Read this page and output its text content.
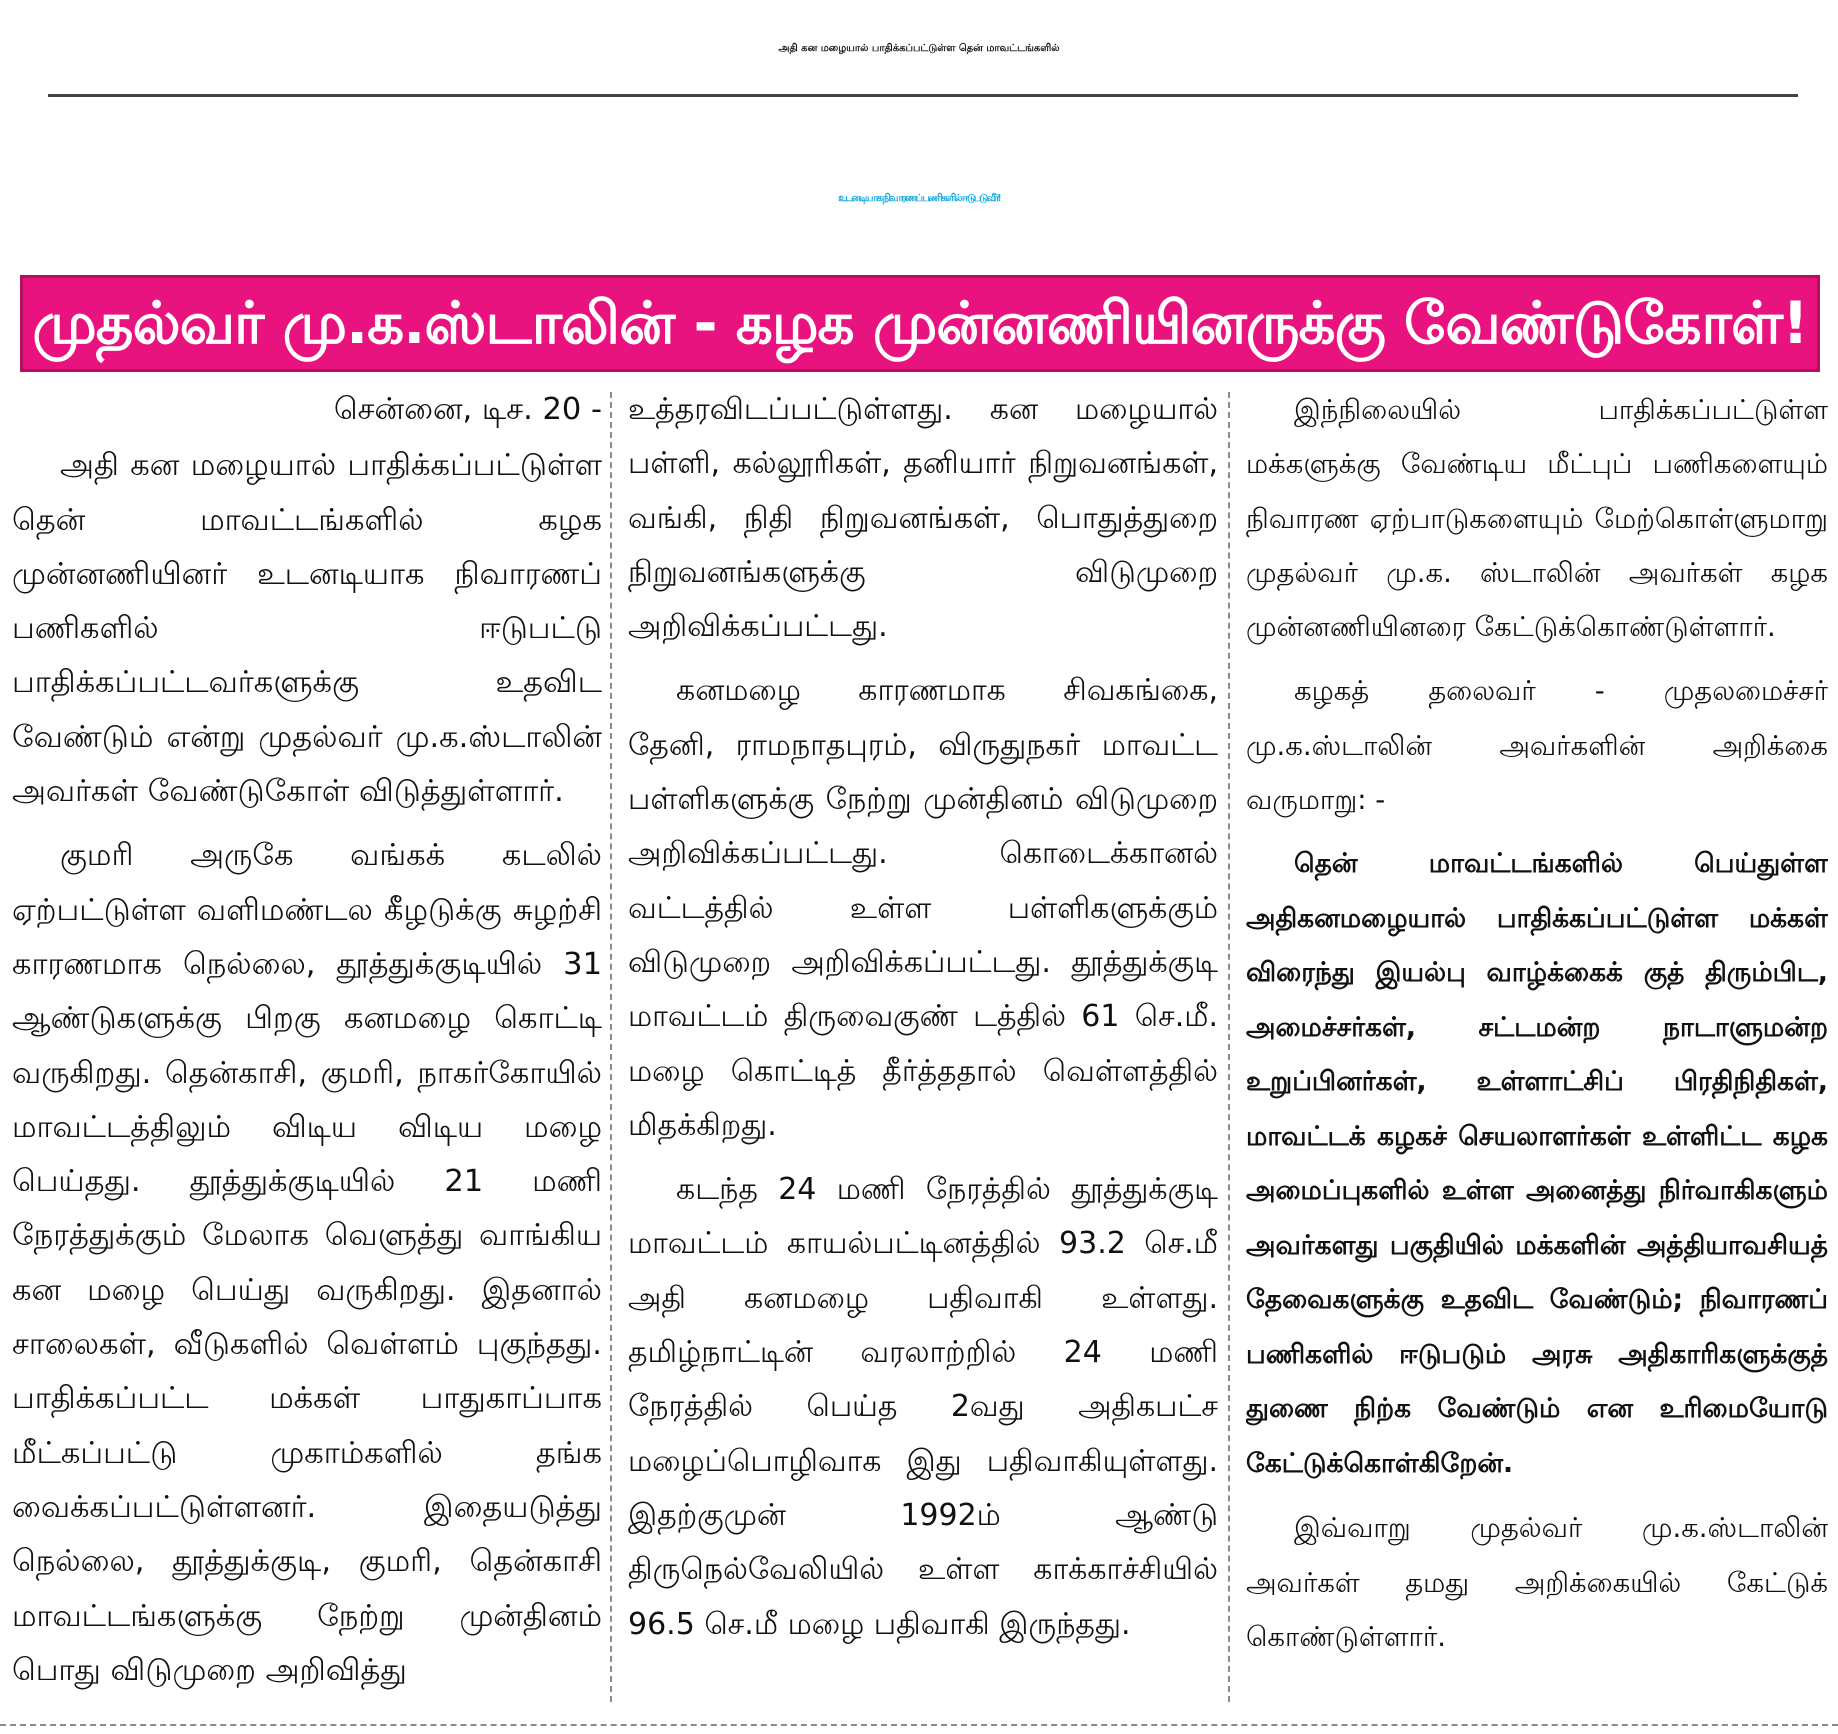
அதி கன மழையால் பாதிக்கப்பட்டுள்ள தென் மாவட்டங்களில்
உடனடியாக நிவாரணப் பணிகளில் ஈடுபடுவீர்!
முதல்வர் மு.க.ஸ்டாலின் - கழக முன்னணியினருக்கு வேண்டுகோள்!

சென்னை, டிச. 20 -

அதி கன மழையால் பாதிக்கப்பட்டுள்ள தென் மாவட்டங்களில் கழக முன்னணியினர் உடனடியாக நிவாரணப் பணிகளில் ஈடுபட்டு பாதிக்கப்பட்டவர்களுக்கு உதவிட வேண்டும் என்று முதல்வர் மு.க.ஸ்டாலின் அவர்கள் வேண்டுகோள் விடுத்துள்ளார்.

குமரி அருகே வங்கக் கடலில் ஏற்பட்டுள்ள வளிமண்டல கீழடுக்கு சுழற்சி காரணமாக நெல்லை, தூத்துக்குடியில் 31 ஆண்டுகளுக்கு பிறகு கனமழை கொட்டி வருகிறது. தென்காசி, குமரி, நாகர்கோயில் மாவட்டத்திலும் விடிய விடிய மழை பெய்தது. தூத்துக்குடியில் 21 மணி நேரத்துக்கும் மேலாக வெளுத்து வாங்கிய கன மழை பெய்து வருகிறது. இதனால் சாலைகள், வீடுகளில் வெள்ளம் புகுந்தது. பாதிக்கப்பட்ட மக்கள் பாதுகாப்பாக மீட்கப்பட்டு முகாம்களில் தங்க வைக்கப்பட்டுள்ளனர். இதையடுத்து நெல்லை, தூத்துக்குடி, குமரி, தென்காசி மாவட்டங்களுக்கு நேற்று முன்தினம் பொது விடுமுறை அறிவித்து

உத்தரவிடப்பட்டுள்ளது. கன மழையால் பள்ளி, கல்லூரிகள், தனியார் நிறுவனங்கள், வங்கி, நிதி நிறுவனங்கள், பொதுத்துறை நிறுவனங்களுக்கு விடுமுறை அறிவிக்கப்பட்டது.

கனமழை காரணமாக சிவகங்கை, தேனி, ராமநாதபுரம், விருதுநகர் மாவட்ட பள்ளிகளுக்கு நேற்று முன்தினம் விடுமுறை அறிவிக்கப்பட்டது. கொடைக்கானல் வட்டத்தில் உள்ள பள்ளிகளுக்கும் விடுமுறை அறிவிக்கப்பட்டது. தூத்துக்குடி மாவட்டம் திருவைகுண் டத்தில் 61 செ.மீ. மழை கொட்டித் தீர்த்ததால் வெள்ளத்தில் மிதக்கிறது.

கடந்த 24 மணி நேரத்தில் தூத்துக்குடி மாவட்டம் காயல்பட்டினத்தில் 93.2 செ.மீ அதி கனமழை பதிவாகி உள்ளது. தமிழ்நாட்டின் வரலாற்றில் 24 மணி நேரத்தில் பெய்த 2வது அதிகபட்ச மழைப்பொழிவாக இது பதிவாகியுள்ளது. இதற்குமுன் 1992ம் ஆண்டு திருநெல்வேலியில் உள்ள காக்காச்சியில் 96.5 செ.மீ மழை பதிவாகி இருந்தது.

இந்நிலையில் பாதிக்கப்பட்டுள்ள மக்களுக்கு வேண்டிய மீட்புப் பணிகளையும் நிவாரண ஏற்பாடுகளையும் மேற்கொள்ளுமாறு முதல்வர் மு.க. ஸ்டாலின் அவர்கள் கழக முன்னணியினரை கேட்டுக்கொண்டுள்ளார்.

கழகத் தலைவர் - முதலமைச்சர் மு.க.ஸ்டாலின் அவர்களின் அறிக்கை வருமாறு: -

தென் மாவட்டங்களில் பெய்துள்ள அதிகனமழையால் பாதிக்கப்பட்டுள்ள மக்கள் விரைந்து இயல்பு வாழ்க்கைக் குத் திரும்பிட, அமைச்சர்கள், சட்டமன்ற நாடாளுமன்ற உறுப்பினர்கள், உள்ளாட்சிப் பிரதிநிதிகள், மாவட்டக் கழகச் செயலாளர்கள் உள்ளிட்ட கழக அமைப்புகளில் உள்ள அனைத்து நிர்வாகிகளும் அவர்களது பகுதியில் மக்களின் அத்தியாவசியத் தேவைகளுக்கு உதவிட வேண்டும்; நிவாரணப் பணிகளில் ஈடுபடும் அரசு அதிகாரிகளுக்குத் துணை நிற்க வேண்டும் என உரிமையோடு கேட்டுக்கொள்கிறேன்.

இவ்வாறு முதல்வர் மு.க.ஸ்டாலின் அவர்கள் தமது அறிக்கையில் கேட்டுக் கொண்டுள்ளார்.
